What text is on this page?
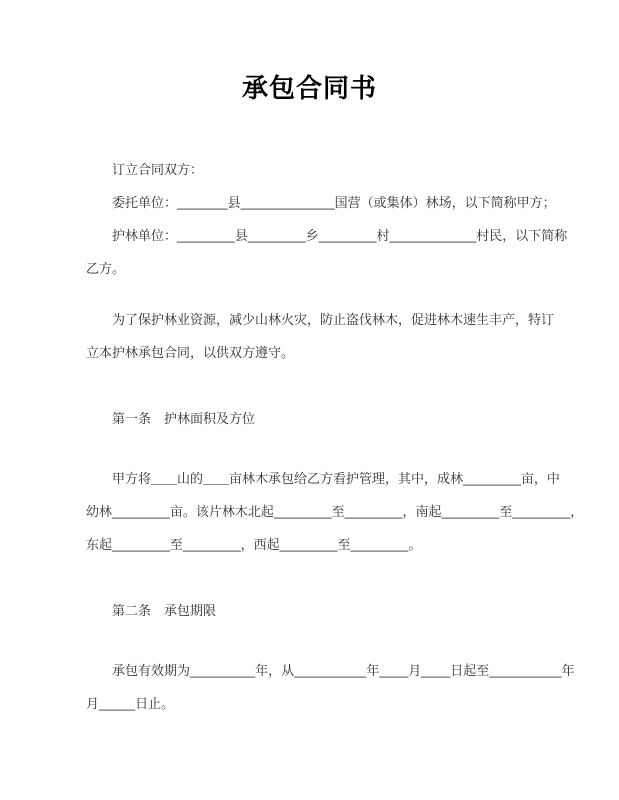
承包合同书
订立合同双方：
委托单位：_______县_____________国营（或集体）林场，以下简称甲方；
护林单位：________县________乡________村____________村民，以下简称
乙方。
为了保护林业资源，减少山林火灾，防止盗伐林木，促进林木速生丰产，特订
立本护林承包合同，以供双方遵守。
第一条　护林面积及方位
甲方将＿＿山的＿＿亩林木承包给乙方看护管理，其中，成林________亩，中
幼林________亩。该片林木北起________至________，南起________至________，
东起________至________，西起________至________。
第二条　承包期限
承包有效期为_________年，从__________年____月____日起至__________年
月_____日止。
